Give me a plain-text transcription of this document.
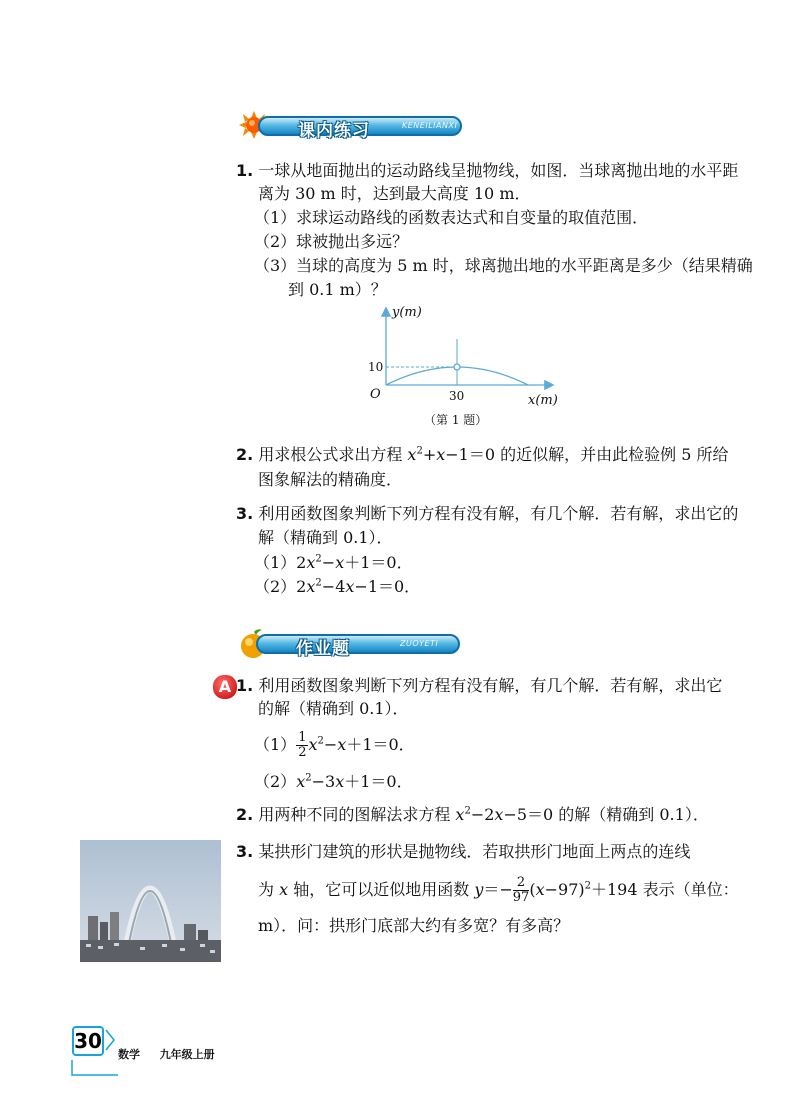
课内练习	KENEILIANXI
1. 一球从地面抛出的运动路线呈抛物线，如图．当球离抛出地的水平距
离为 30 m 时，达到最大高度 10 m．
（1）求球运动路线的函数表达式和自变量的取值范围．
（2）球被抛出多远？
（3）当球的高度为 5 m 时，球离抛出地的水平距离是多少（结果精确
到 0.1 m）？
y(m)
10
O	30	x(m)
（第 1 题）
2. 用求根公式求出方程 $x^2+x-1=0$ 的近似解，并由此检验例 5 所给
图象解法的精确度．
3. 利用函数图象判断下列方程有没有解，有几个解．若有解，求出它的
解（精确到 0.1）．
$(1)2x^2-x+1=0$．
$(2)2x^2-4x-1=0$．
作业题	ZUOYETI
A 1. 利用函数图象判断下列方程有没有解，有几个解．若有解，求出它
的解（精确到 0.1）．
$(1) \frac{1}{2} x^2-x+1=0$．
$(2)x^2-3x+1=0$．
2. 用两种不同的图解法求方程 $x^2-2x-5=0$ 的解（精确到 0.1）．
3. 某拱形门建筑的形状是抛物线．若取拱形门地面上两点的连线
为 x 轴，它可以近似地用函数 $y=- \frac{2}{97} (x-97)^2+194$ 表示（单位：
m）．问：拱形门底部大约有多宽？有多高？
30
数学 九年级上册
